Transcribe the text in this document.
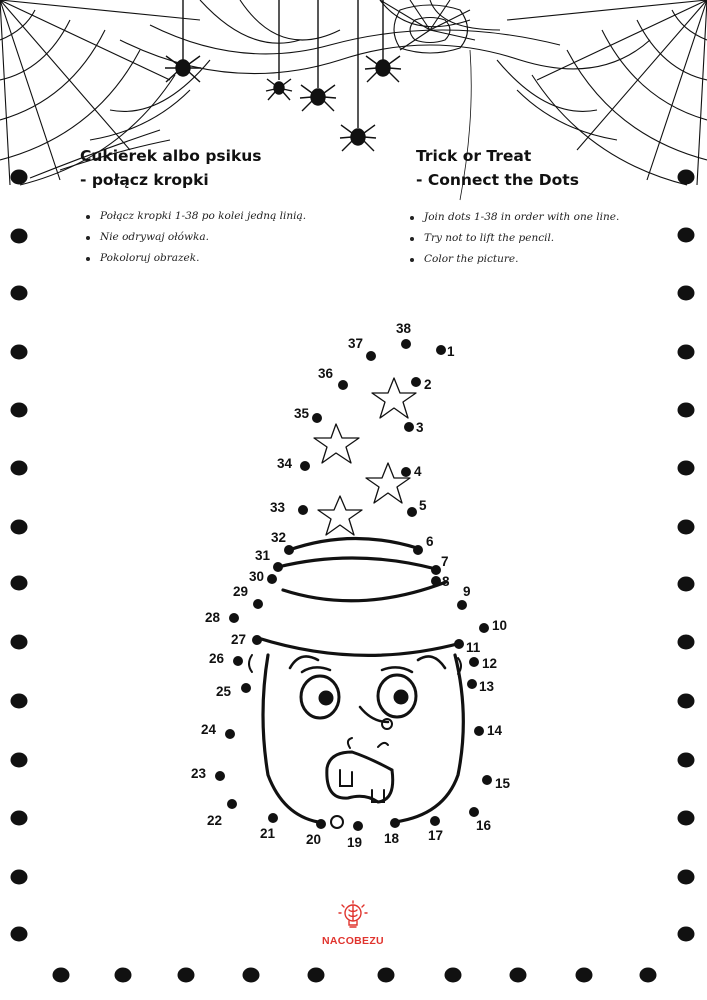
1
2
3
4
5
6
7
8
9
10
11
12
13
14
15
16
17
18
19
20
21
22
23
24
25
26
27
28
29
30
31
32
33
34
35
36
37
38
Cukierek albo psikus
- połącz kropki
Połącz kropki 1-38 po kolei jedną linią.
Nie odrywaj ołówka.
Pokoloruj obrazek.
Trick or Treat
- Connect the Dots
Join dots 1-38 in order with one line.
Try not to lift the pencil.
Color the picture.
NACOBEZU
